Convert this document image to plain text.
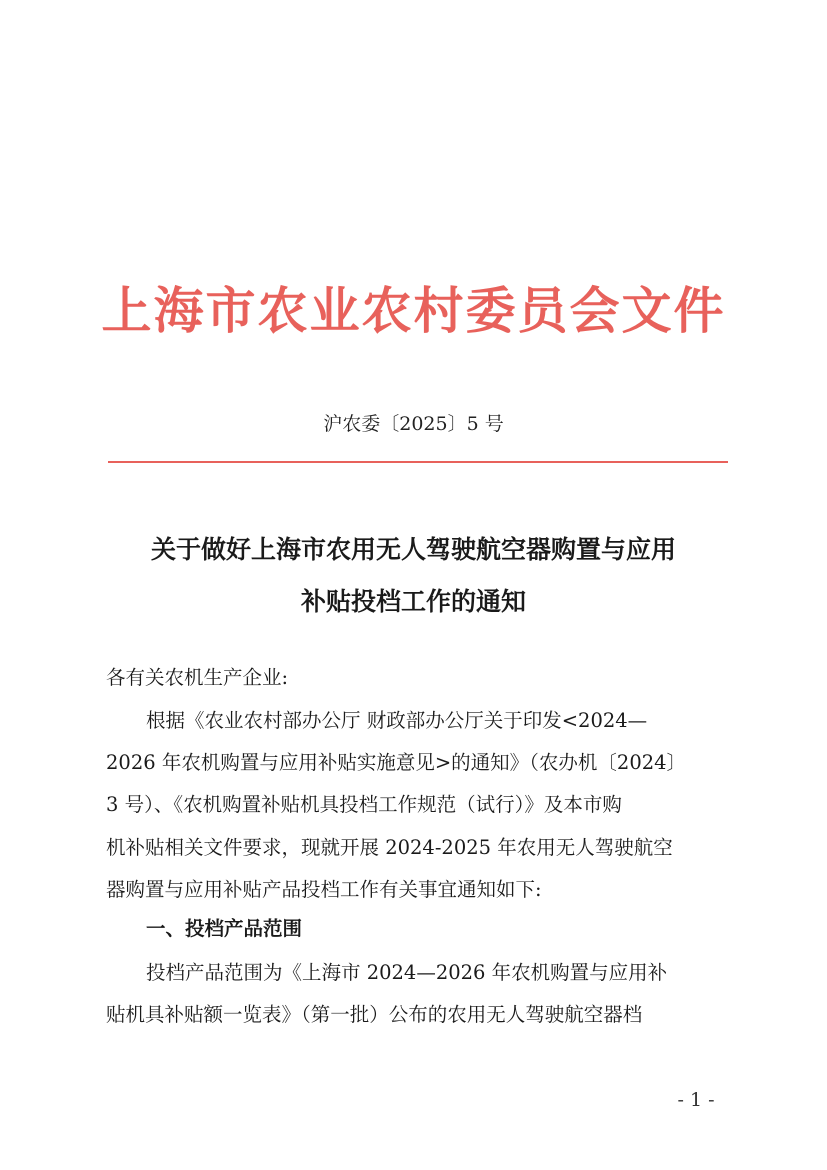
上海市农业农村委员会文件
沪农委〔2025〕5 号
关于做好上海市农用无人驾驶航空器购置与应用
补贴投档工作的通知
各有关农机生产企业:
根据《农业农村部办公厅 财政部办公厅关于印发<2024—
2026 年农机购置与应用补贴实施意见>的通知》（农办机〔2024〕
3 号）、《农机购置补贴机具投档工作规范（试行）》及本市购
机补贴相关文件要求，现就开展 2024-2025 年农用无人驾驶航空
器购置与应用补贴产品投档工作有关事宜通知如下:
一、投档产品范围
投档产品范围为《上海市 2024—2026 年农机购置与应用补
贴机具补贴额一览表》（第一批）公布的农用无人驾驶航空器档
- 1 -
